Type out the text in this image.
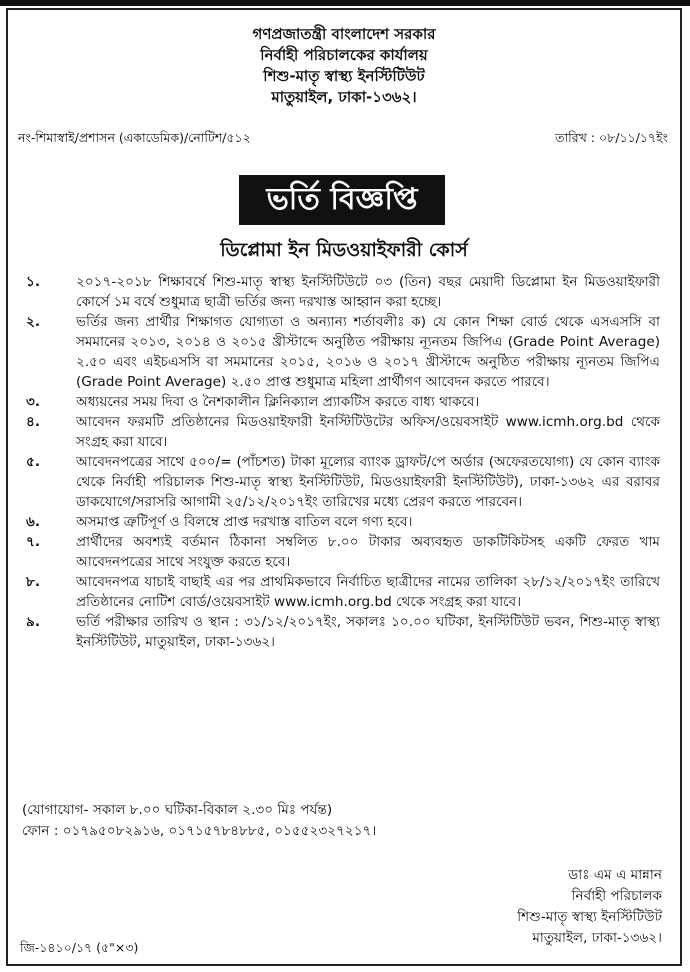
গণপ্রজাতন্ত্রী বাংলাদেশ সরকার
নির্বাহী পরিচালকের কার্যালয়
শিশু-মাতৃ স্বাস্থ্য ইনস্টিটিউট
মাতুয়াইল, ঢাকা-১৩৬২।
নং-শিমাস্বাই/প্রশাসন (একাডেমিক)/নোটিশ/৫১২	তারিখ : ০৮/১১/১৭ইং
ভর্তি বিজ্ঞপ্তি
ডিপ্লোমা ইন মিডওয়াইফারী কোর্স
১.	২০১৭-২০১৮ শিক্ষাবর্ষে শিশু-মাতৃ স্বাস্থ্য ইনস্টিটিউটে ০৩ (তিন) বছর মেয়াদী ডিপ্লোমা ইন মিডওয়াইফারী কোর্সে ১ম বর্ষে শুধুমাত্র ছাত্রী ভর্তির জন্য দরখাস্ত আহ্বান করা হচ্ছে।
২.	ভর্তির জন্য প্রার্থীর শিক্ষাগত যোগ্যতা ও অন্যান্য শর্তাবলীঃ ক) যে কোন শিক্ষা বোর্ড থেকে এসএসসি বা সমমানের ২০১৩, ২০১৪ ও ২০১৫ খ্রীস্টাব্দে অনুষ্ঠিত পরীক্ষায় ন্যূনতম জিপিএ (Grade Point Average) ২.৫০ এবং এইচএসসি বা সমমানের ২০১৫, ২০১৬ ও ২০১৭ খ্রীস্টাব্দে অনুষ্ঠিত পরীক্ষায় ন্যূনতম জিপিএ (Grade Point Average) ২.৫০ প্রাপ্ত শুধুমাত্র মহিলা প্রার্থীগণ আবেদন করতে পারবে।
৩.	অধ্যয়নের সময় দিবা ও নৈশকালীন ক্লিনিক্যাল প্র্যাকটিস করতে বাধ্য থাকবে।
৪.	আবেদন ফরমটি প্রতিষ্ঠানের মিডওয়াইফারী ইনস্টিটিউটের অফিস/ওয়েবসাইট www.icmh.org.bd থেকে সংগ্রহ করা যাবে।
৫.	আবেদনপত্রের সাথে ৫০০/= (পাঁচশত) টাকা মূল্যের ব্যাংক ড্রাফট/পে অর্ডার (অফেরতযোগ্য) যে কোন ব্যাংক থেকে নির্বাহী পরিচালক শিশু-মাতৃ স্বাস্থ্য ইনস্টিটিউট, মিডওয়াইফারী ইনস্টিটিউট), ঢাকা-১৩৬২ এর বরাবর ডাকযোগে/সরাসরি আগামী ২৫/১২/২০১৭ইং তারিখের মধ্যে প্রেরণ করতে পারবেন।
৬.	অসমাপ্ত ত্রুটিপূর্ণ ও বিলম্বে প্রাপ্ত দরখাস্ত বাতিল বলে গণ্য হবে।
৭.	প্রার্থীদের অবশ্যই বর্তমান ঠিকানা সম্বলিত ৮.০০ টাকার অব্যবহৃত ডাকটিকিটসহ একটি ফেরত খাম আবেদনপত্রের সাথে সংযুক্ত করতে হবে।
৮.	আবেদনপত্র যাচাই বাছাই এর পর প্রাথমিকভাবে নির্বাচিত ছাত্রীদের নামের তালিকা ২৮/১২/২০১৭ইং তারিখে প্রতিষ্ঠানের নোটিশ বোর্ড/ওয়েবসাইট www.icmh.org.bd থেকে সংগ্রহ করা যাবে।
৯.	ভর্তি পরীক্ষার তারিখ ও স্থান : ৩১/১২/২০১৭ইং, সকালঃ ১০.০০ ঘটিকা, ইনস্টিটিউট ভবন, শিশু-মাতৃ স্বাস্থ্য ইনস্টিটিউট, মাতুয়াইল, ঢাকা-১৩৬২।
(যোগাযোগ- সকাল ৮.০০ ঘটিকা-বিকাল ২.৩০ মিঃ পর্যন্ত)
ফোন : ০১৭৯৫০৮২৯১৬, ০১৭১৫৭৮৪৮৮৫, ০১৫৫২৩২৭২১৭।
ডাঃ এম এ মান্নান
নির্বাহী পরিচালক
শিশু-মাতৃ স্বাস্থ্য ইনস্টিটিউট
মাতুয়াইল, ঢাকা-১৩৬২।
জি-১৪১০/১৭ (৫"×৩)
